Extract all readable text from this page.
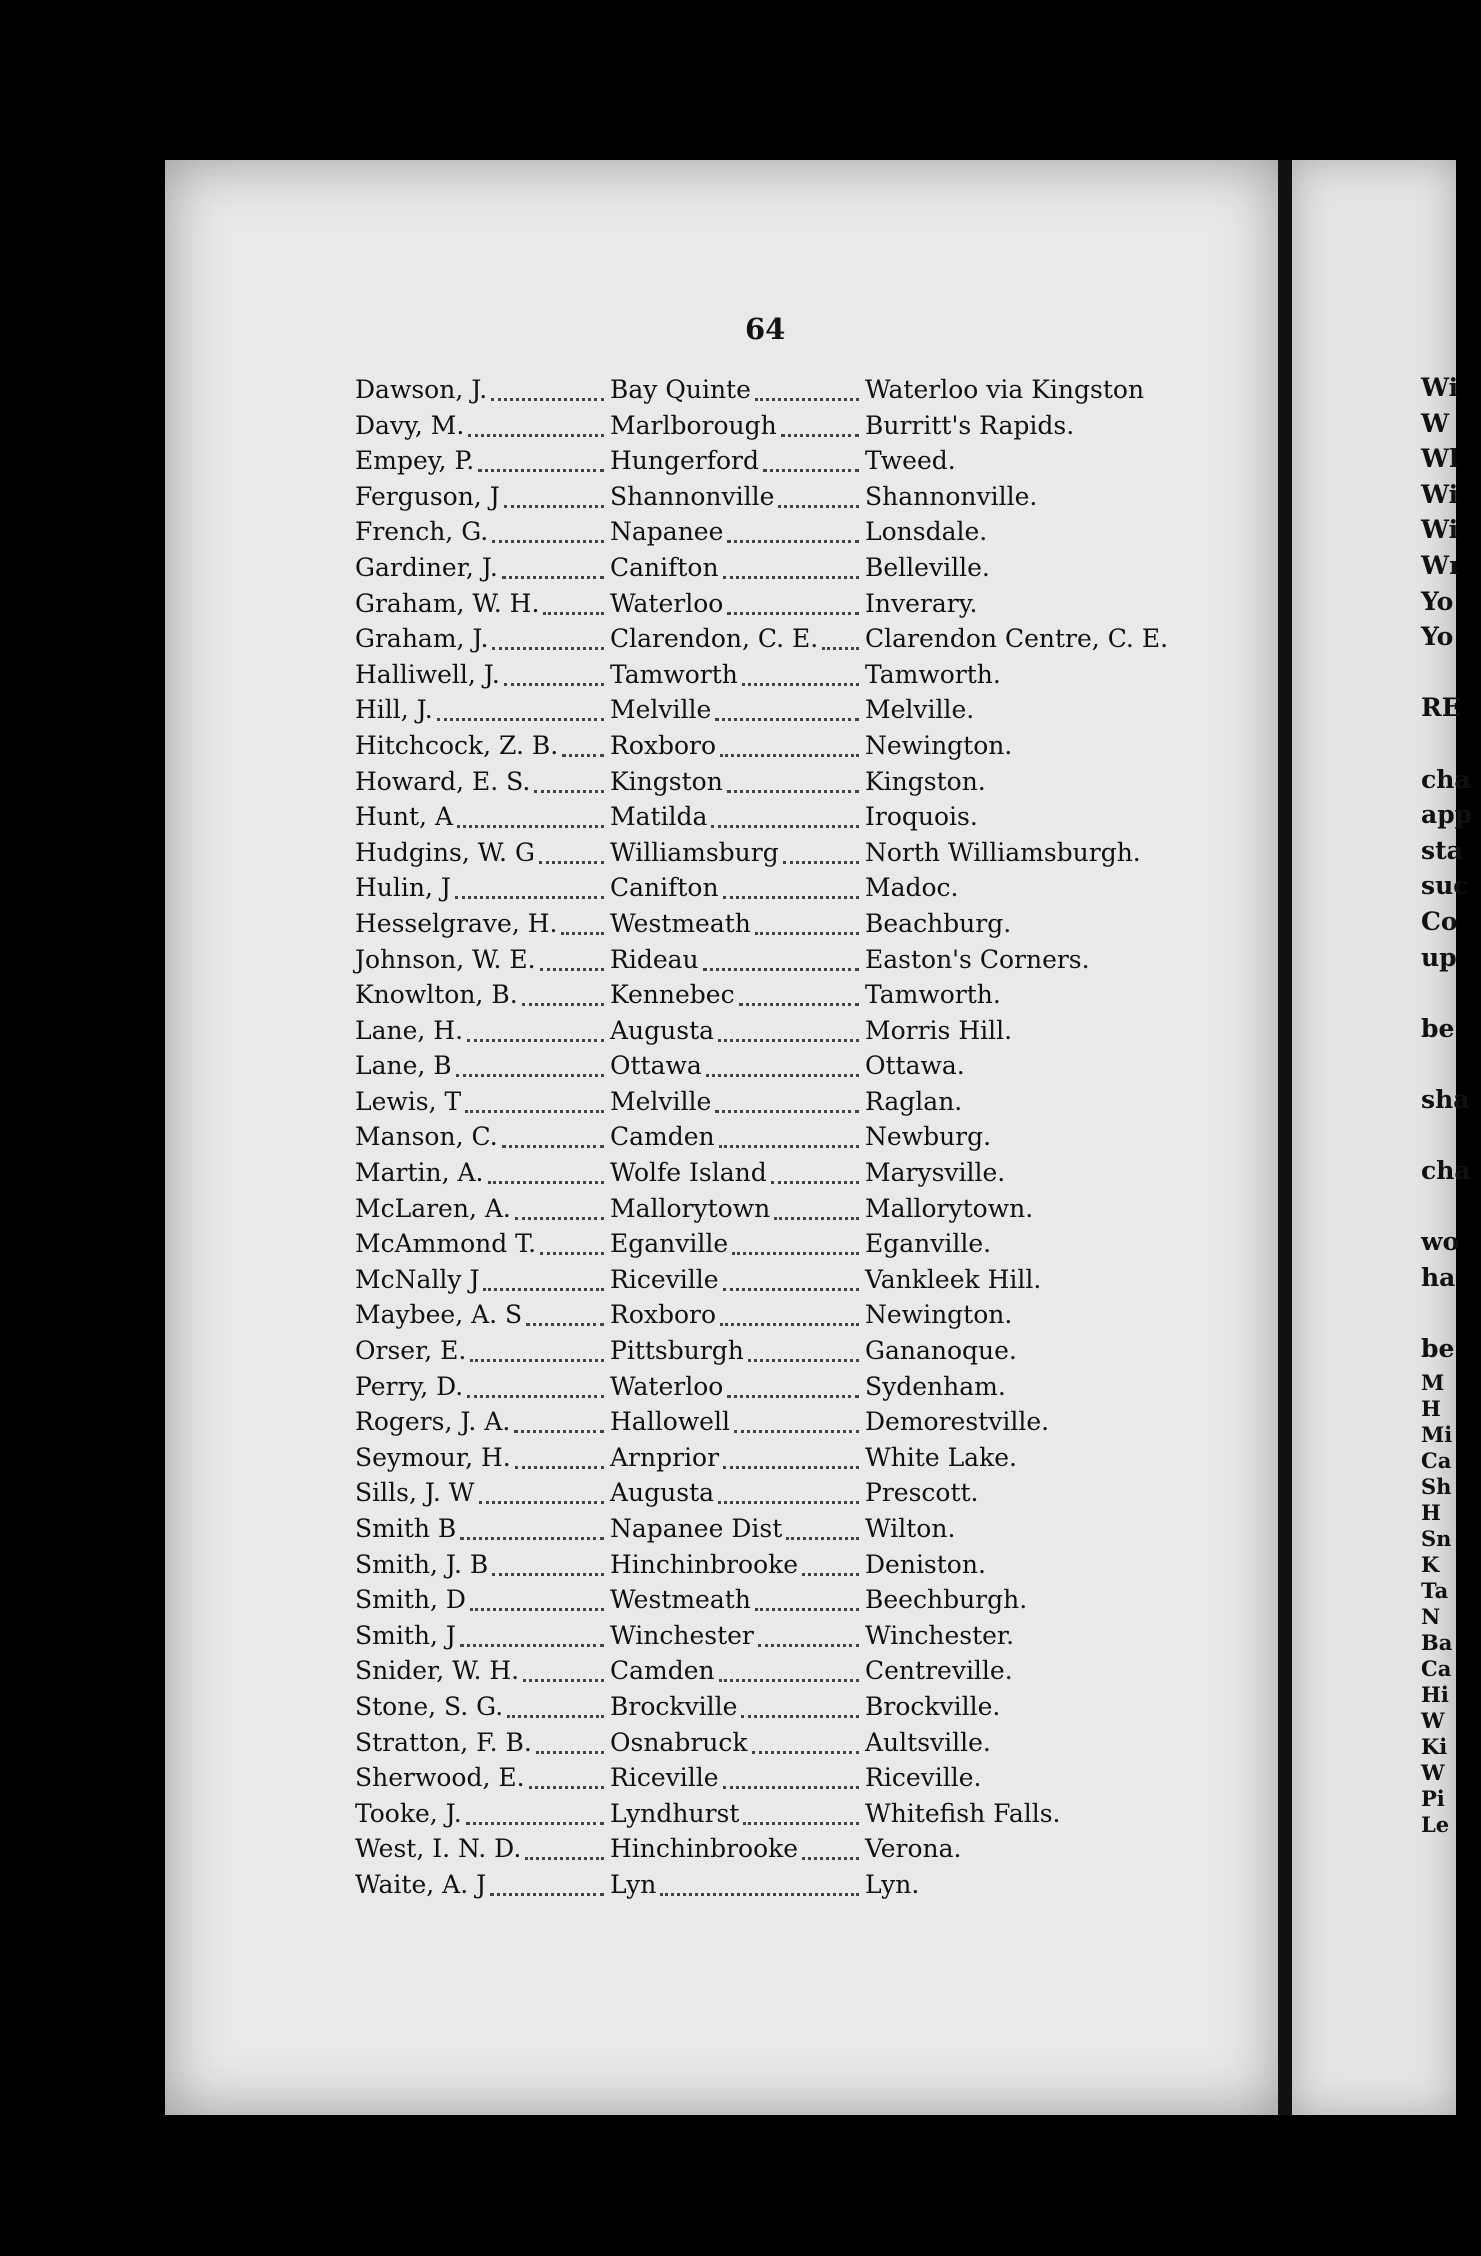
64
Dawson, J.	Bay Quinte	Waterloo via Kingston
Davy, M.	Marlborough	Burritt's Rapids.
Empey, P.	Hungerford	Tweed.
Ferguson, J	Shannonville	Shannonville.
French, G.	Napanee	Lonsdale.
Gardiner, J.	Canifton	Belleville.
Graham, W. H.	Waterloo	Inverary.
Graham, J.	Clarendon, C. E.	Clarendon Centre, C. E.
Halliwell, J.	Tamworth	Tamworth.
Hill, J.	Melville	Melville.
Hitchcock, Z. B.	Roxboro	Newington.
Howard, E. S.	Kingston	Kingston.
Hunt, A	Matilda	Iroquois.
Hudgins, W. G	Williamsburg	North Williamsburgh.
Hulin, J	Canifton	Madoc.
Hesselgrave, H.	Westmeath	Beachburg.
Johnson, W. E.	Rideau	Easton's Corners.
Knowlton, B.	Kennebec	Tamworth.
Lane, H.	Augusta	Morris Hill.
Lane, B	Ottawa	Ottawa.
Lewis, T	Melville	Raglan.
Manson, C.	Camden	Newburg.
Martin, A.	Wolfe Island	Marysville.
McLaren, A.	Mallorytown	Mallorytown.
McAmmond T.	Eganville	Eganville.
McNally J	Riceville	Vankleek Hill.
Maybee, A. S	Roxboro	Newington.
Orser, E.	Pittsburgh	Gananoque.
Perry, D.	Waterloo	Sydenham.
Rogers, J. A.	Hallowell	Demorestville.
Seymour, H.	Arnprior	White Lake.
Sills, J. W	Augusta	Prescott.
Smith B	Napanee Dist	Wilton.
Smith, J. B	Hinchinbrooke	Deniston.
Smith, D	Westmeath	Beechburgh.
Smith, J	Winchester	Winchester.
Snider, W. H.	Camden	Centreville.
Stone, S. G.	Brockville	Brockville.
Stratton, F. B.	Osnabruck	Aultsville.
Sherwood, E.	Riceville	Riceville.
Tooke, J.	Lyndhurst	Whitefish Falls.
West, I. N. D.	Hinchinbrooke	Verona.
Waite, A. J	Lyn	Lyn.
Wi
W
Wl
Wi
Wi
Wı
Yo
Yo
RE
cha
app
sta
suc
Co
up
be
sha
cha
wo
ha
be
M
H
Mi
Ca
Sh
H
Sn
K
Ta
N
Ba
Ca
Hi
W
Ki
W
Pi
Le
